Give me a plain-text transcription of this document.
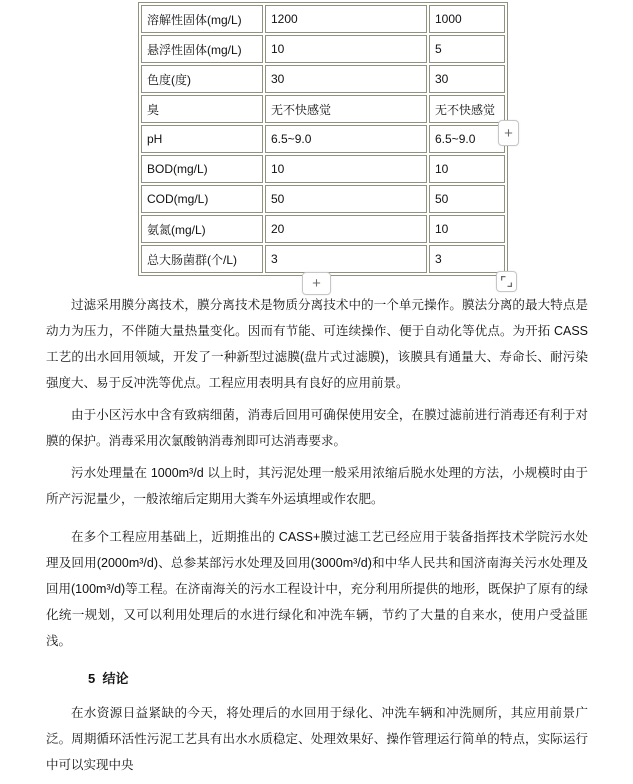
溶解性固体(mg/L)	1200	1000
悬浮性固体(mg/L)	10	5
色度(度)	30	30
臭	无不快感觉	无不快感觉
pH	6.5~9.0	6.5~9.0
BOD(mg/L)	10	10
COD(mg/L)	50	50
氨氮(mg/L)	20	10
总大肠菌群(个/L)	3	3
+
+

过滤采用膜分离技术，膜分离技术是物质分离技术中的一个单元操作。膜法分离的最大特点是动力为压力，不伴随大量热量变化。因而有节能、可连续操作、便于自动化等优点。为开拓 CASS 工艺的出水回用领域，开发了一种新型过滤膜(盘片式过滤膜)，该膜具有通量大、寿命长、耐污染强度大、易于反冲洗等优点。工程应用表明具有良好的应用前景。

由于小区污水中含有致病细菌，消毒后回用可确保使用安全，在膜过滤前进行消毒还有利于对膜的保护。消毒采用次氯酸钠消毒剂即可达消毒要求。

污水处理量在 1000m³/d 以上时，其污泥处理一般采用浓缩后脱水处理的方法，小规模时由于所产污泥量少，一般浓缩后定期用大粪车外运填埋或作农肥。

在多个工程应用基础上，近期推出的 CASS+膜过滤工艺已经应用于装备指挥技术学院污水处理及回用(2000m³/d)、总参某部污水处理及回用(3000m³/d)和中华人民共和国济南海关污水处理及回用(100m³/d)等工程。在济南海关的污水工程设计中，充分利用所提供的地形，既保护了原有的绿化统一规划，又可以利用处理后的水进行绿化和冲洗车辆，节约了大量的自来水，使用户受益匪浅。

5  结论

在水资源日益紧缺的今天，将处理后的水回用于绿化、冲洗车辆和冲洗厕所，其应用前景广泛。周期循环活性污泥工艺具有出水水质稳定、处理效果好、操作管理运行简单的特点，实际运行中可以实现中央
